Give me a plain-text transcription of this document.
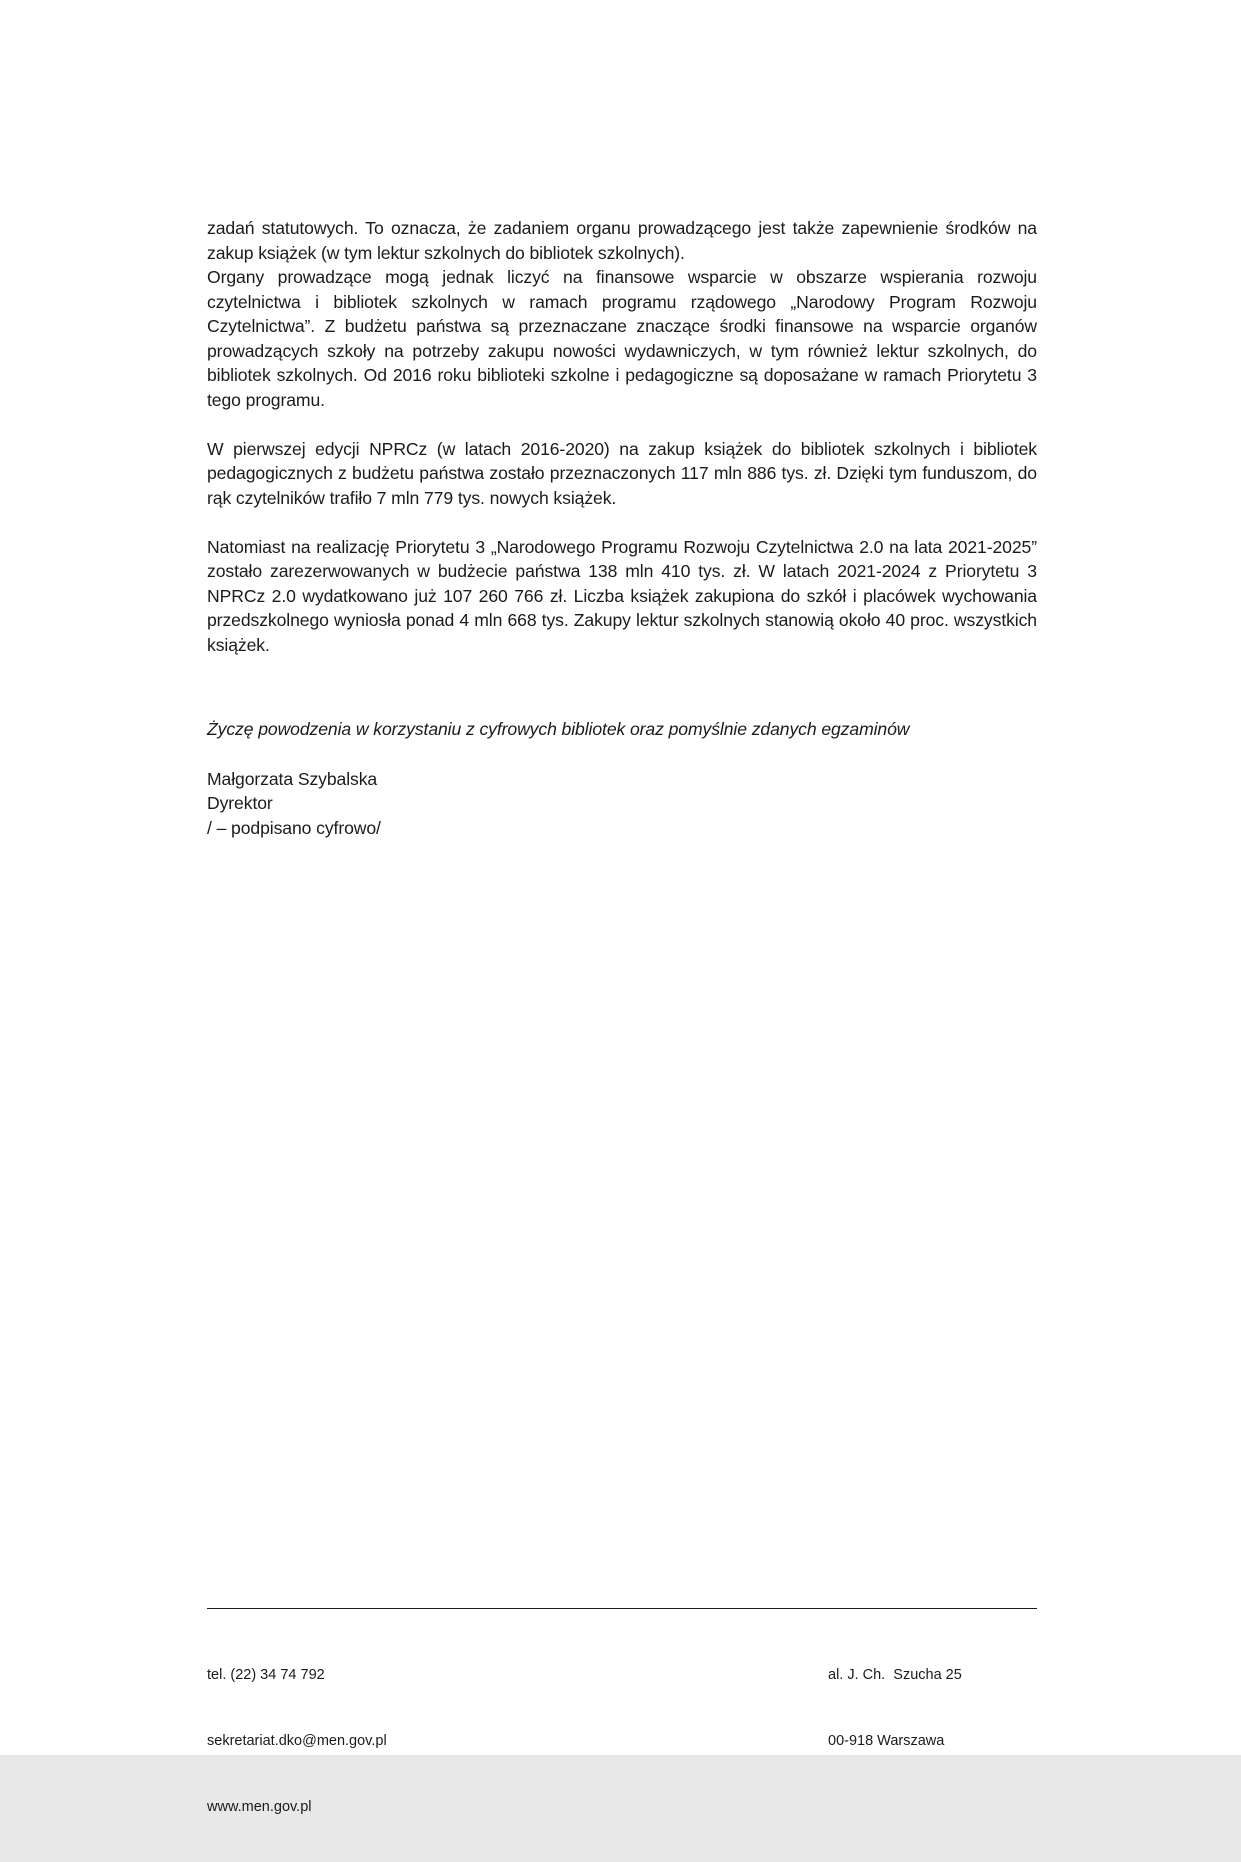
zadań statutowych. To oznacza, że zadaniem organu prowadzącego jest także zapewnienie środków na zakup książek (w tym lektur szkolnych do bibliotek szkolnych).

Organy prowadzące mogą jednak liczyć na finansowe wsparcie w obszarze wspierania rozwoju czytelnictwa i bibliotek szkolnych w ramach programu rządowego „Narodowy Program Rozwoju Czytelnictwa”. Z budżetu państwa są przeznaczane znaczące środki finansowe na wsparcie organów prowadzących szkoły na potrzeby zakupu nowości wydawniczych, w tym również lektur szkolnych, do bibliotek szkolnych. Od 2016 roku biblioteki szkolne i pedagogiczne są doposażane w ramach Priorytetu 3 tego programu.

W pierwszej edycji NPRCz (w latach 2016-2020) na zakup książek do bibliotek szkolnych i bibliotek pedagogicznych z budżetu państwa zostało przeznaczonych 117 mln 886 tys. zł. Dzięki tym funduszom, do rąk czytelników trafiło 7 mln 779 tys. nowych książek.

Natomiast na realizację Priorytetu 3 „Narodowego Programu Rozwoju Czytelnictwa 2.0 na lata 2021-2025” zostało zarezerwowanych w budżecie państwa 138 mln 410 tys. zł. W latach 2021-2024 z Priorytetu 3 NPRCz 2.0 wydatkowano już 107 260 766 zł. Liczba książek zakupiona do szkół i placówek wychowania przedszkolnego wyniosła ponad 4 mln 668 tys. Zakupy lektur szkolnych stanowią około 40 proc. wszystkich książek.

Życzę powodzenia w korzystaniu z cyfrowych bibliotek oraz pomyślnie zdanych egzaminów

Małgorzata Szybalska

Dyrektor

/ – podpisano cyfrowo/

tel. (22) 34 74 792

sekretariat.dko@men.gov.pl

www.men.gov.pl

al. J. Ch.  Szucha 25

00-918 Warszawa
